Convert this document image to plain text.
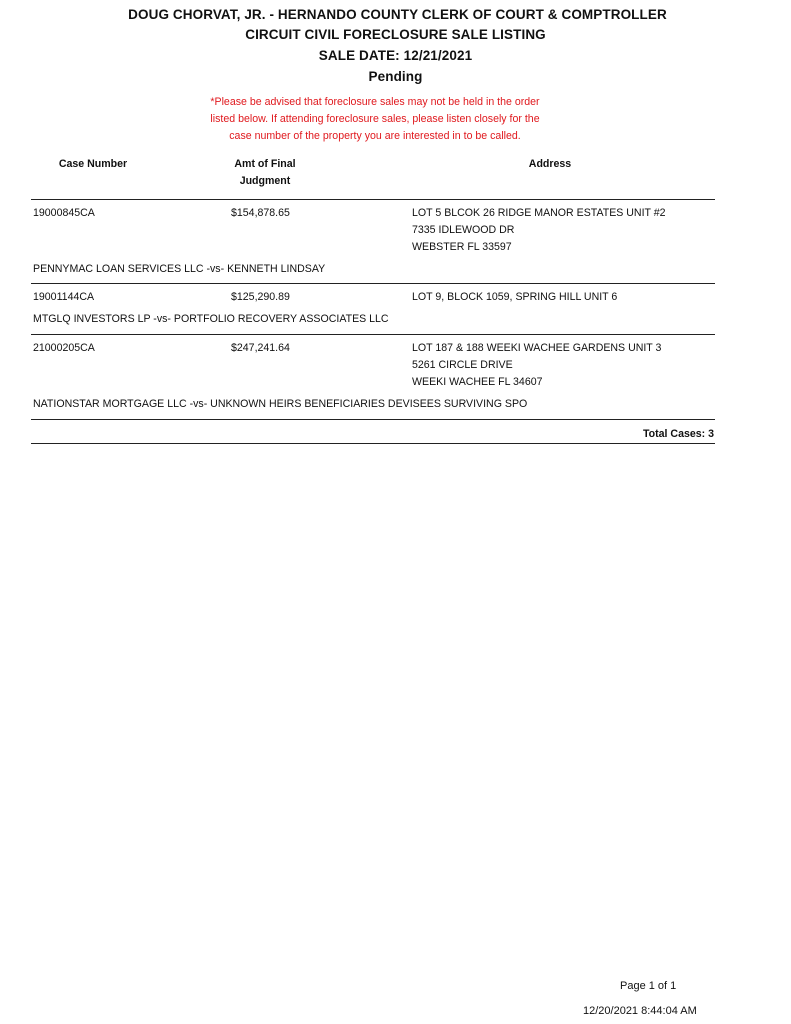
DOUG CHORVAT, JR. - HERNANDO COUNTY CLERK OF COURT & COMPTROLLER
CIRCUIT CIVIL FORECLOSURE SALE LISTING
SALE DATE: 12/21/2021
Pending
*Please be advised that foreclosure sales may not be held in the order
listed below. If attending foreclosure sales, please listen closely for the
case number of the property you are interested in to be called.
Case Number	Amt of Final
Judgment
Address
19000845CA	$154,878.65	LOT 5 BLCOK 26 RIDGE MANOR ESTATES UNIT #2
7335 IDLEWOOD DR
WEBSTER FL 33597
PENNYMAC LOAN SERVICES LLC -vs- KENNETH LINDSAY
19001144CA	$125,290.89	LOT 9, BLOCK 1059, SPRING HILL UNIT 6
MTGLQ INVESTORS LP -vs- PORTFOLIO RECOVERY ASSOCIATES LLC
21000205CA	$247,241.64	LOT 187 & 188 WEEKI WACHEE GARDENS UNIT 3
5261 CIRCLE DRIVE
WEEKI WACHEE FL 34607
NATIONSTAR MORTGAGE LLC -vs- UNKNOWN HEIRS BENEFICIARIES DEVISEES SURVIVING SPO
Total Cases: 3
Page 1 of 1
12/20/2021 8:44:04 AM
